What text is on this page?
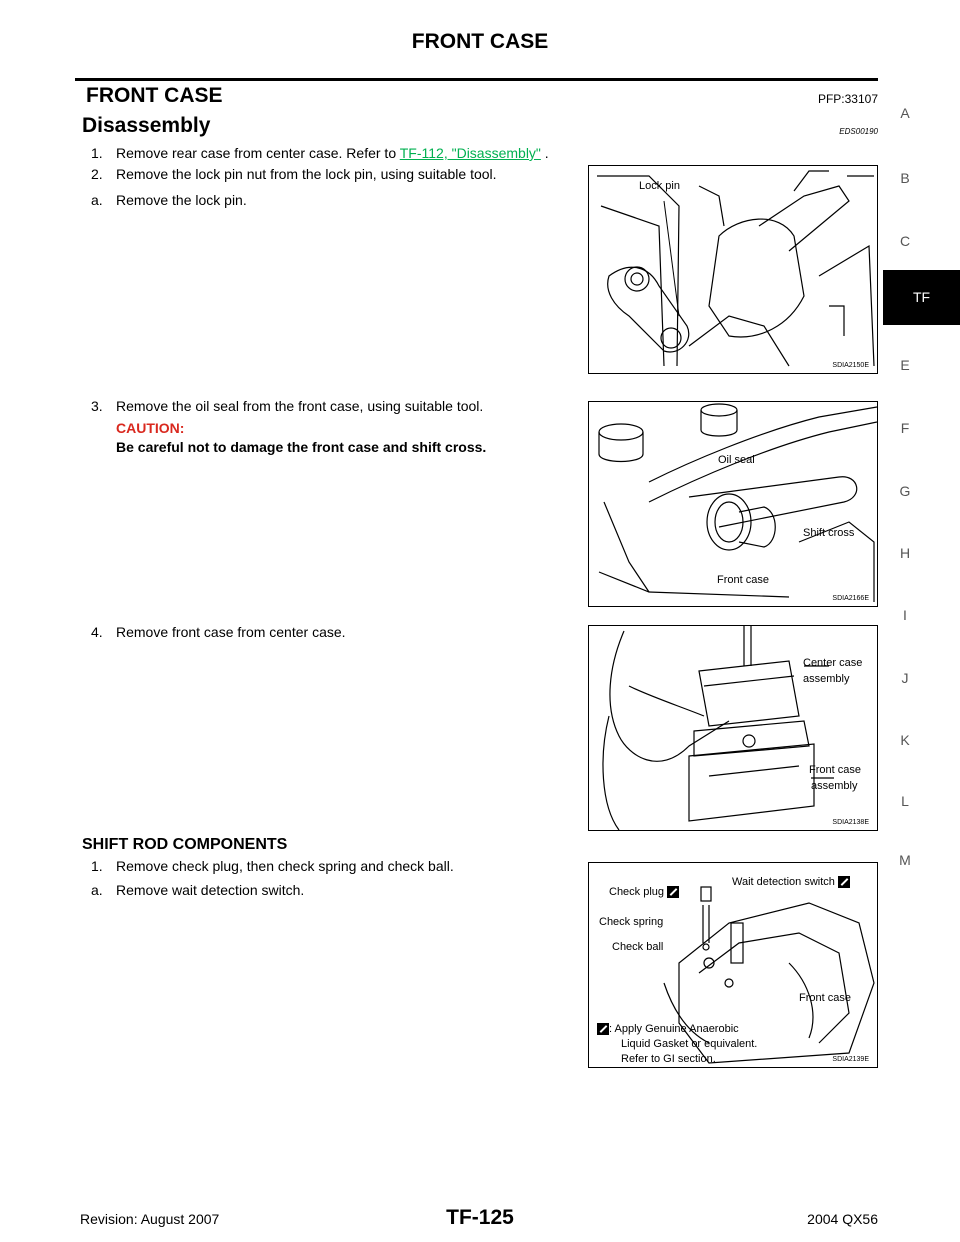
FRONT CASE
FRONT CASE	PFP:33107
Disassembly	EDS00190
1. Remove rear case from center case. Refer to TF-112, "Disassembly" .
2. Remove the lock pin nut from the lock pin, using suitable tool.
a. Remove the lock pin.
3. Remove the oil seal from the front case, using suitable tool.
CAUTION:
Be careful not to damage the front case and shift cross.
4. Remove front case from center case.
SHIFT ROD COMPONENTS
1. Remove check plug, then check spring and check ball.
a. Remove wait detection switch.
Lock pin
SDIA2150E
Oil seal
Shift cross
Front case
SDIA2166E
Center case
assembly
Front case
assembly
SDIA2138E
Check plug
Wait detection switch
Check spring
Check ball
Front case
: Apply Genuine Anaerobic
Liquid Gasket or equivalent.
Refer to GI section.	SDIA2139E
A
B
C
TF
E
F
G
H
I
J
K
L
M
Revision: August 2007	TF-125	2004 QX56
